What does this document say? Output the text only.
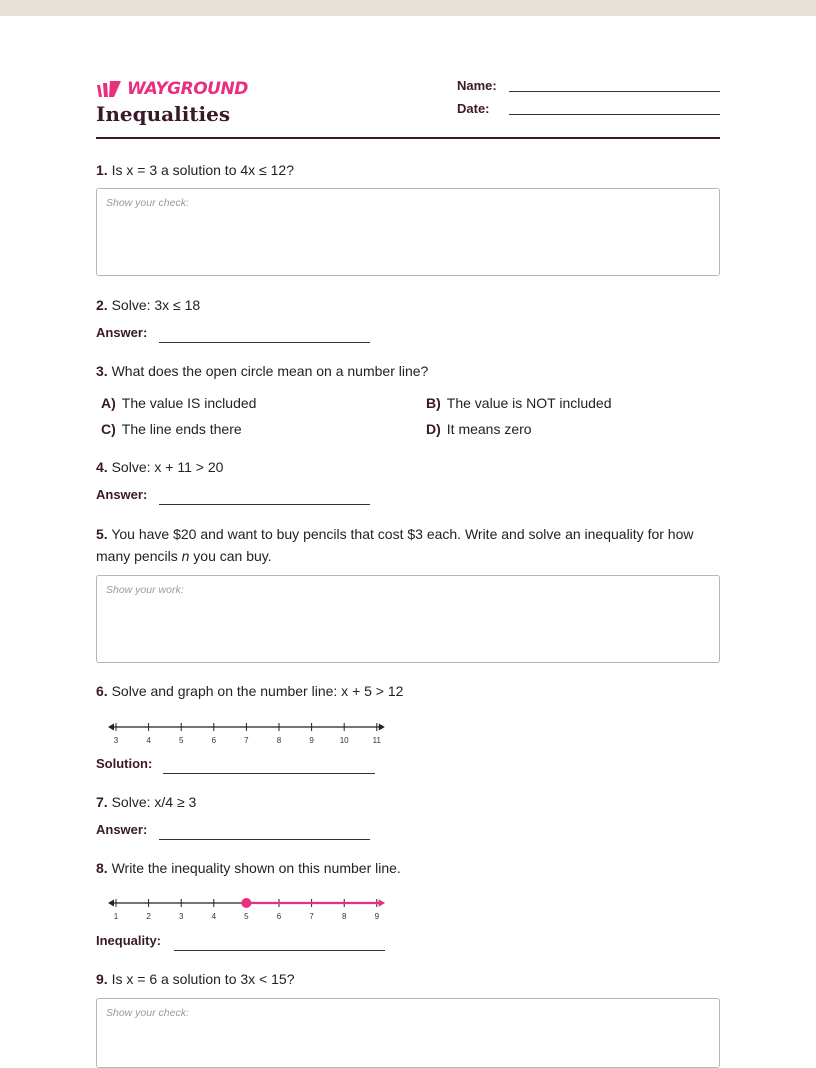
WAYGROUND
Inequalities
Name:
Date:
1. Is x = 3 a solution to 4x ≤ 12?
Show your check:
2. Solve: 3x ≤ 18
Answer:
3. What does the open circle mean on a number line?
A) The value IS included	B) The value is NOT included
C) The line ends there	D) It means zero
4. Solve: x + 11 > 20
Answer:
5. You have $20 and want to buy pencils that cost $3 each. Write and solve an inequality for how
many pencils n you can buy.
Show your work:
6. Solve and graph on the number line: x + 5 > 12
3	4	5	6	7	8	9	10	11
Solution:
7. Solve: x/4 ≥ 3
Answer:
8. Write the inequality shown on this number line.
1	2	3	4	5	6	7	8	9
Inequality:
9. Is x = 6 a solution to 3x < 15?
Show your check:
